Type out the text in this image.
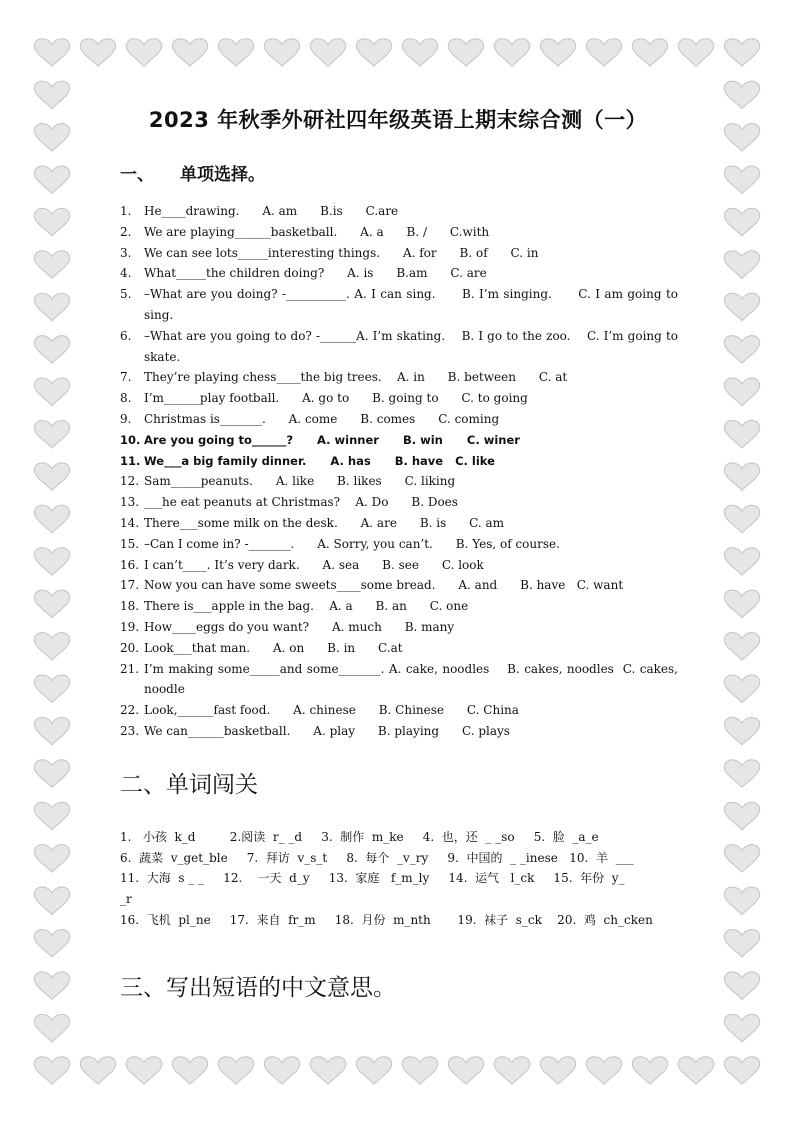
2023 年秋季外研社四年级英语上期末综合测（一）
一、 单项选择。
1. He____drawing.      A. am      B.is      C.are
2. We are playing______basketball.      A. a      B. /      C.with
3. We can see lots_____interesting things.      A. for      B. of      C. in
4. What_____the children doing?      A. is      B.am      C. are
5. –What are you doing? -__________. A. I can sing.      B. I’m singing.      C. I am going to sing.
6. –What are you going to do? -______A. I’m skating.    B. I go to the zoo.    C. I’m going to skate.
7. They’re playing chess____the big trees.    A. in      B. between      C. at
8. I’m______play football.      A. go to      B. going to      C. to going
9. Christmas is_______.      A. come      B. comes      C. coming
10. Are you going to______?      A. winner      B. win      C. winer
11. We___a big family dinner.      A. has      B. have   C. like
12. Sam_____peanuts.      A. like      B. likes      C. liking
13. ___he eat peanuts at Christmas?    A. Do      B. Does
14. There___some milk on the desk.      A. are      B. is      C. am
15. –Can I come in? -_______.      A. Sorry, you can’t.      B. Yes, of course.
16. I can’t____. It’s very dark.      A. sea      B. see      C. look
17. Now you can have some sweets____some bread.      A. and      B. have   C. want
18. There is___apple in the bag.    A. a      B. an      C. one
19. How____eggs do you want?      A. much      B. many
20. Look___that man.      A. on      B. in      C.at
21. I’m making some_____and some_______. A. cake, noodles    B. cakes, noodles  C. cakes, noodle
22. Look,______fast food.      A. chinese      B. Chinese      C. China
23. We can______basketball.      A. play      B. playing      C. plays
二、单词闯关
1.   小孩  k_d         2.阅读  r_ _d     3.  制作  m_ke     4.  也，还  _ _so     5.  脸  _a_e
6.  蔬菜  v_get_ble     7.  拜访  v_s_t     8.  每个  _v_ry     9.  中国的  _ _inese   10.  羊  ___
11.  大海  s _ _     12.    一天  d_y     13.  家庭   f_m_ly     14.  运气   l_ck     15.  年份  y_
_r
16.  飞机  pl_ne     17.  来自  fr_m     18.  月份  m_nth       19.  袜子  s_ck    20.  鸡  ch_cken
三、写出短语的中文意思。
